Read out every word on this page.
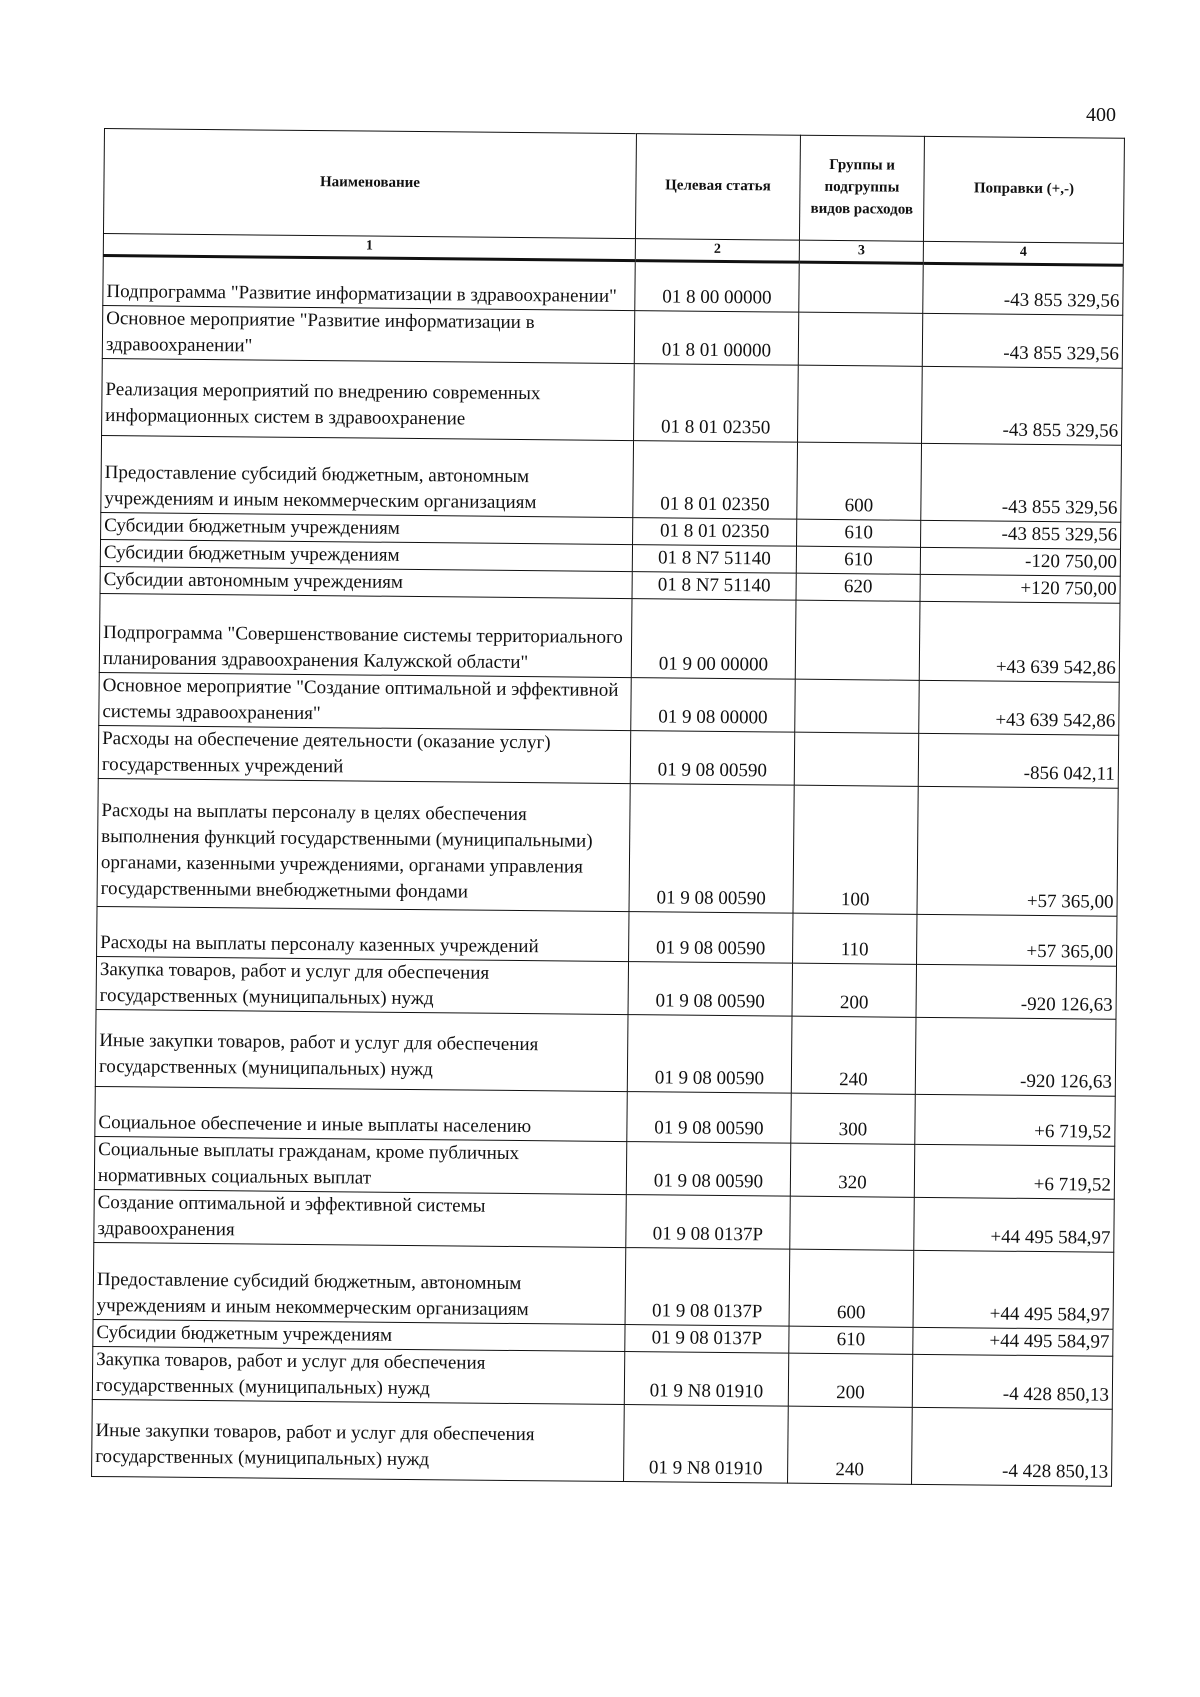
400
Наименование	Целевая статья	Группы и подгруппы видов расходов	Поправки (+,-)
1	2	3	4
Подпрограмма "Развитие информатизации в здравоохранении"	01 8 00 00000		-43 855 329,56
Основное мероприятие "Развитие информатизации в здравоохранении"	01 8 01 00000		-43 855 329,56
Реализация мероприятий по внедрению современных информационных систем в здравоохранение	01 8 01 02350		-43 855 329,56
Предоставление субсидий бюджетным, автономным учреждениям и иным некоммерческим организациям	01 8 01 02350	600	-43 855 329,56
Субсидии бюджетным учреждениям	01 8 01 02350	610	-43 855 329,56
Субсидии бюджетным учреждениям	01 8 N7 51140	610	-120 750,00
Субсидии автономным учреждениям	01 8 N7 51140	620	+120 750,00
Подпрограмма "Совершенствование системы территориального планирования здравоохранения Калужской области"	01 9 00 00000		+43 639 542,86
Основное мероприятие "Создание оптимальной и эффективной системы здравоохранения"	01 9 08 00000		+43 639 542,86
Расходы на обеспечение деятельности (оказание услуг) государственных учреждений	01 9 08 00590		-856 042,11
Расходы на выплаты персоналу в целях обеспечения выполнения функций государственными (муниципальными) органами, казенными учреждениями, органами управления государственными внебюджетными фондами	01 9 08 00590	100	+57 365,00
Расходы на выплаты персоналу казенных учреждений	01 9 08 00590	110	+57 365,00
Закупка товаров, работ и услуг для обеспечения государственных (муниципальных) нужд	01 9 08 00590	200	-920 126,63
Иные закупки товаров, работ и услуг для обеспечения государственных (муниципальных) нужд	01 9 08 00590	240	-920 126,63
Социальное обеспечение и иные выплаты населению	01 9 08 00590	300	+6 719,52
Социальные выплаты гражданам, кроме публичных нормативных социальных выплат	01 9 08 00590	320	+6 719,52
Создание оптимальной и эффективной системы здравоохранения	01 9 08 0137P		+44 495 584,97
Предоставление субсидий бюджетным, автономным учреждениям и иным некоммерческим организациям	01 9 08 0137P	600	+44 495 584,97
Субсидии бюджетным учреждениям	01 9 08 0137P	610	+44 495 584,97
Закупка товаров, работ и услуг для обеспечения государственных (муниципальных) нужд	01 9 N8 01910	200	-4 428 850,13
Иные закупки товаров, работ и услуг для обеспечения государственных (муниципальных) нужд	01 9 N8 01910	240	-4 428 850,13
